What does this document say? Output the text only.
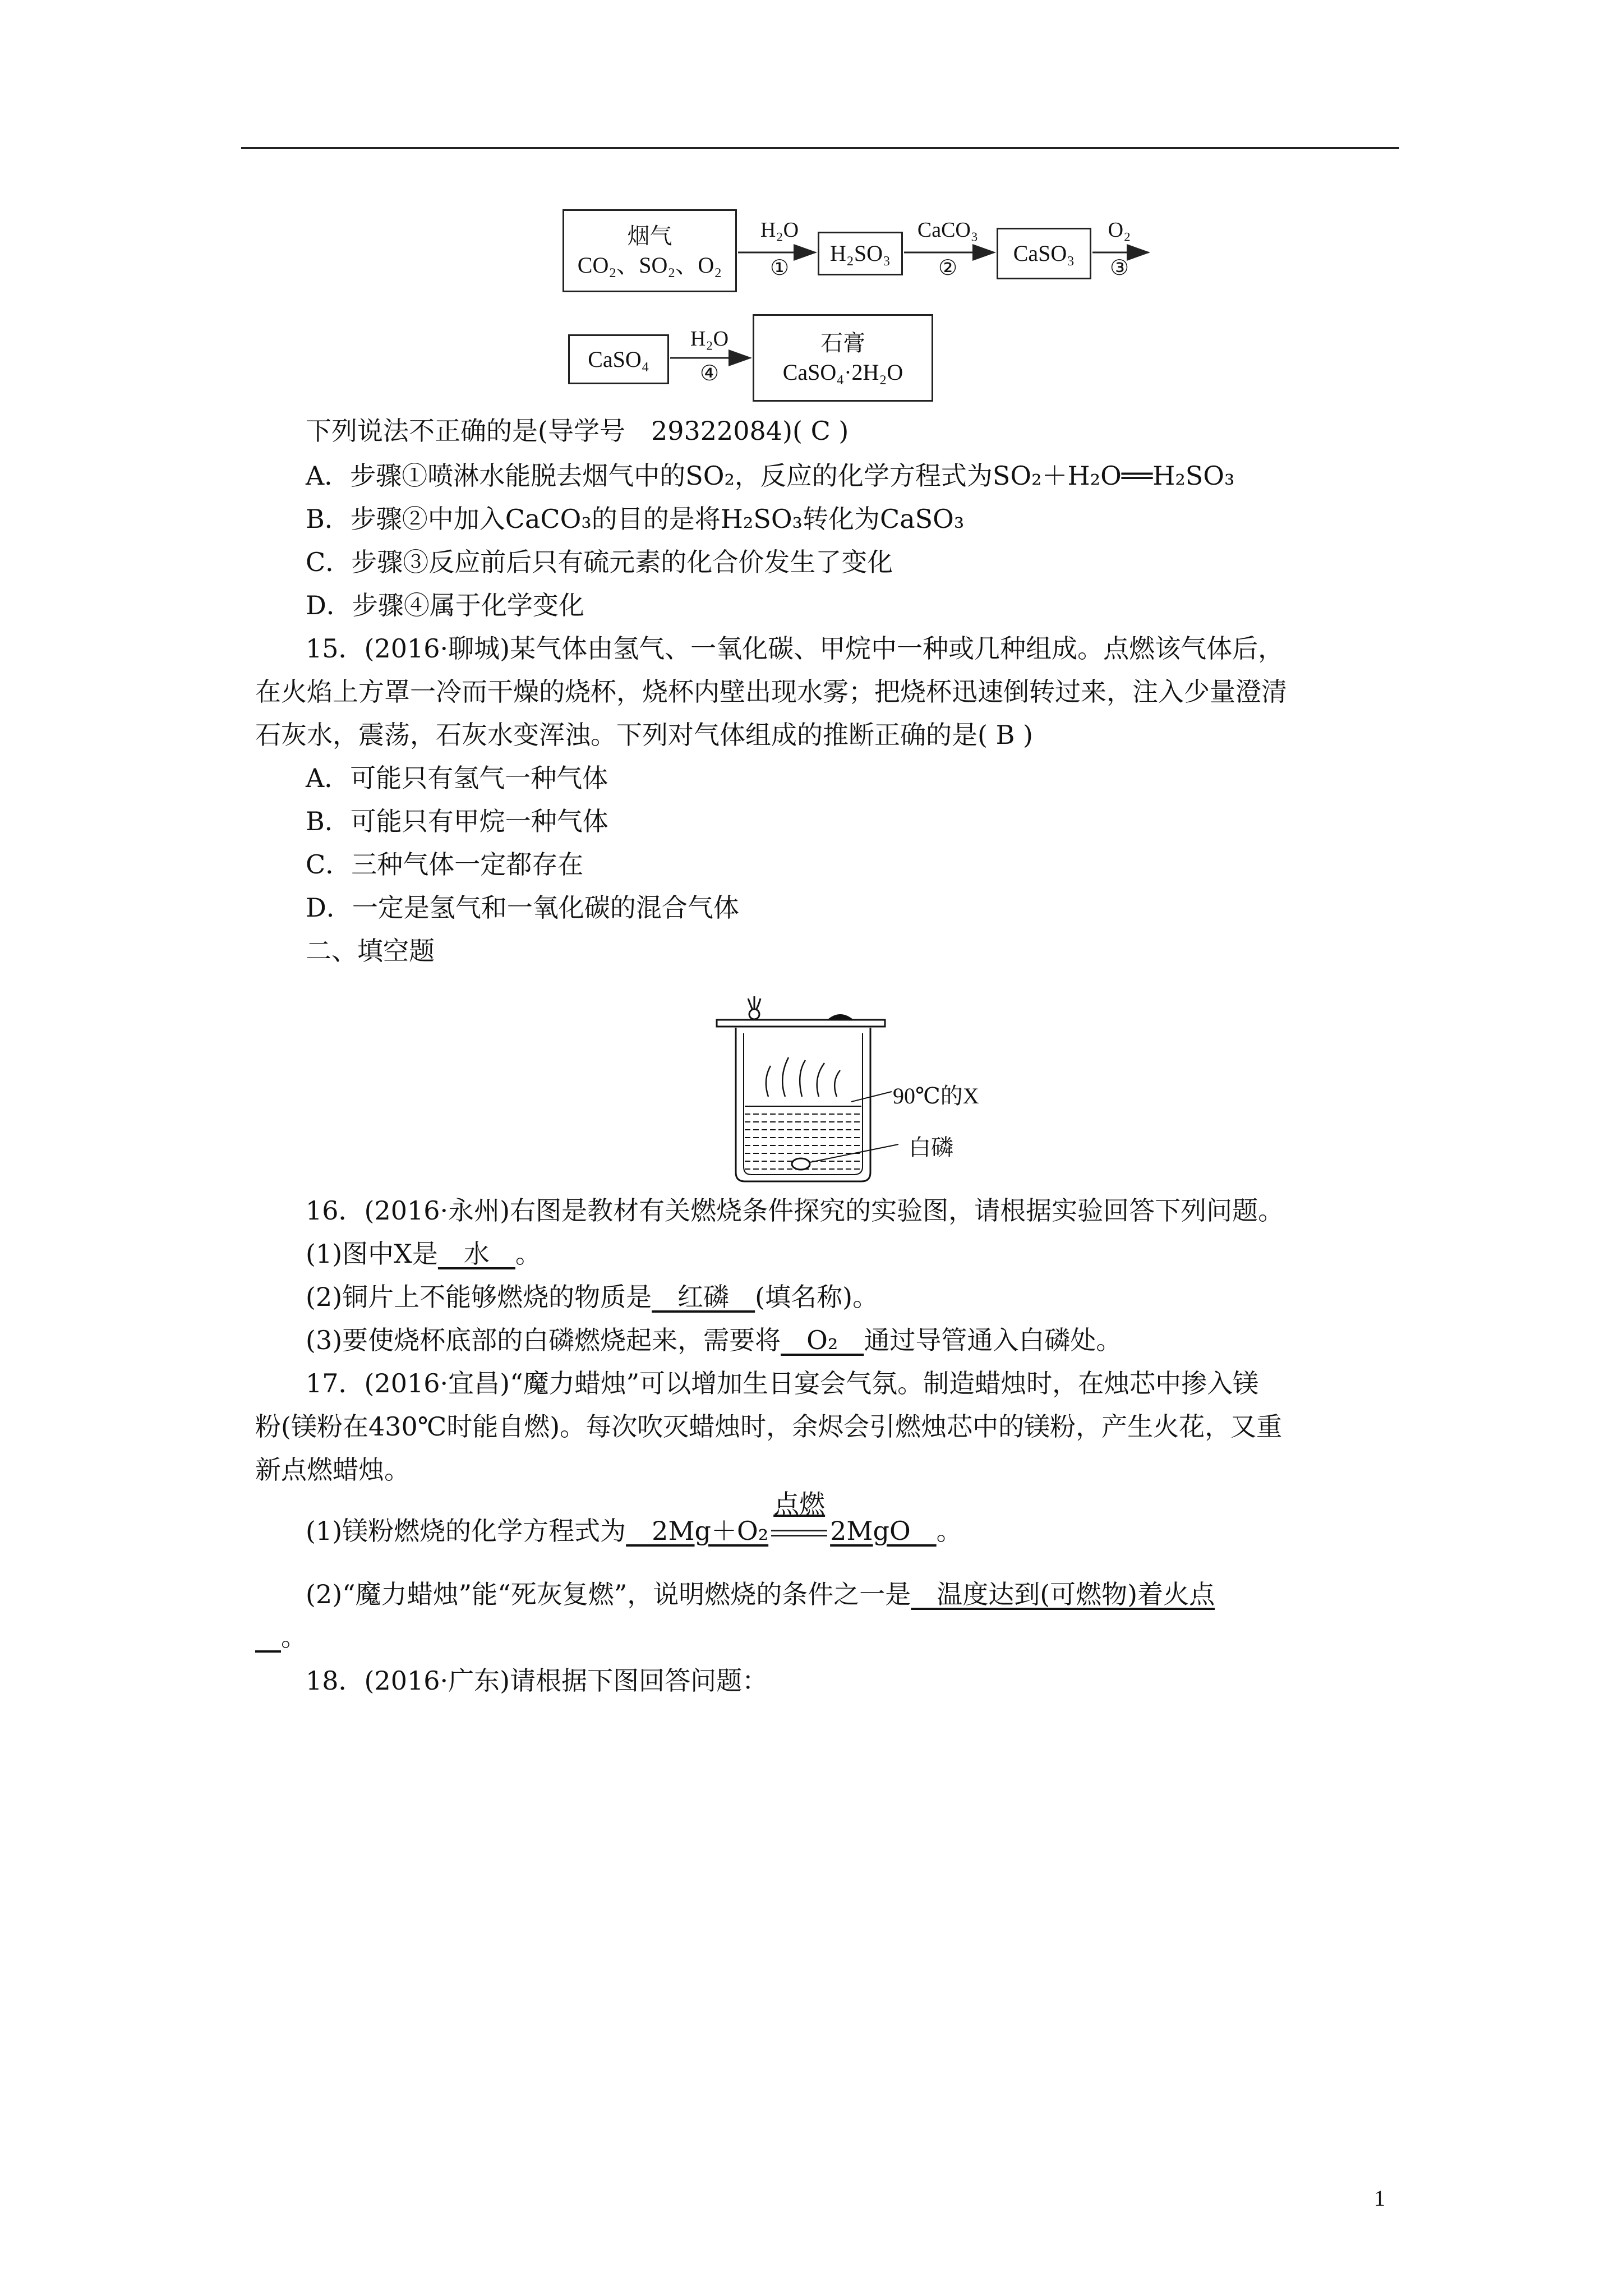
烟气
CO₂、SO₂、O₂
H₂O
①
H₂SO₃
CaCO₃
②
CaSO₃
O₂
③
CaSO₄
H₂O
④
石膏
CaSO₄·2H₂O
下列说法不正确的是(导学号　29322084)( C )
A．步骤①喷淋水能脱去烟气中的SO₂，反应的化学方程式为SO₂＋H₂O══H₂SO₃
B．步骤②中加入CaCO₃的目的是将H₂SO₃转化为CaSO₃
C．步骤③反应前后只有硫元素的化合价发生了变化
D．步骤④属于化学变化
15．(2016·聊城)某气体由氢气、一氧化碳、甲烷中一种或几种组成。点燃该气体后，
在火焰上方罩一冷而干燥的烧杯，烧杯内壁出现水雾；把烧杯迅速倒转过来，注入少量澄清
石灰水，震荡，石灰水变浑浊。下列对气体组成的推断正确的是( B )
A．可能只有氢气一种气体
B．可能只有甲烷一种气体
C．三种气体一定都存在
D．一定是氢气和一氧化碳的混合气体
二、填空题
90℃的X
白磷
16．(2016·永州)右图是教材有关燃烧条件探究的实验图，请根据实验回答下列问题。
(1)图中X是　水　。
(2)铜片上不能够燃烧的物质是　红磷　(填名称)。
(3)要使烧杯底部的白磷燃烧起来，需要将　O₂　通过导管通入白磷处。
17．(2016·宜昌)“魔力蜡烛”可以增加生日宴会气氛。制造蜡烛时，在烛芯中掺入镁
粉(镁粉在430℃时能自燃)。每次吹灭蜡烛时，余烬会引燃烛芯中的镁粉，产生火花，又重
新点燃蜡烛。
(1)镁粉燃烧的化学方程式为　2Mg＋O₂
点燃
2MgO　。
(2)“魔力蜡烛”能“死灰复燃”，说明燃烧的条件之一是　温度达到(可燃物)着火点
　。
18．(2016·广东)请根据下图回答问题：
1
